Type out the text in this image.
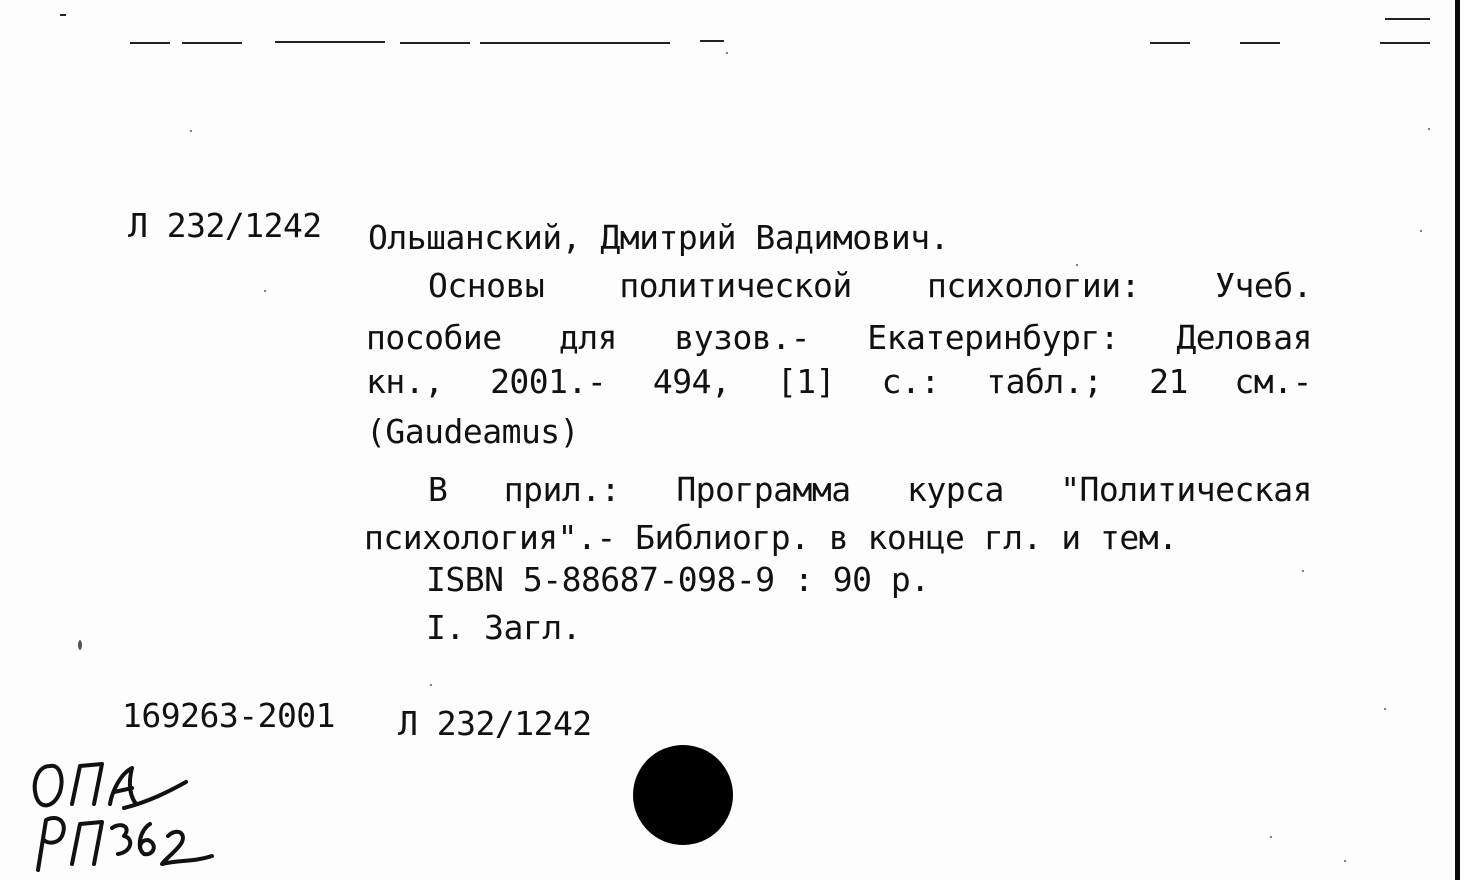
Л 232/1242 Ольшанский, Дмитрий Вадимович.
Основы политической психологии: Учеб.
пособие для вузов.- Екатеринбург: Деловая
кн., 2001.- 494, [1] с.: табл.; 21 см.-
(Gaudeamus)
В прил.: Программа курса "Политическая
психология".- Библиогр. в конце гл. и тем.
ISBN 5-88687-098-9 : 90 р.
I. Загл.
169263-2001 Л 232/1242
